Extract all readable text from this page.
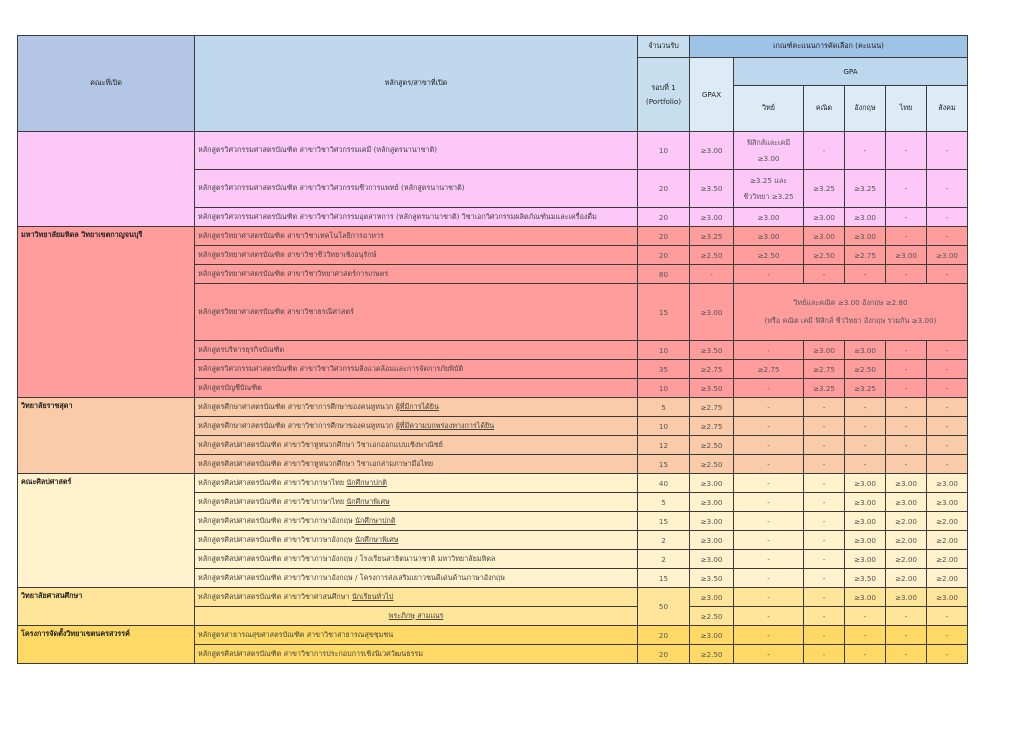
คณะที่เปิด	หลักสูตร/สาขาที่เปิด	จำนวนรับ	เกณฑ์คะแนนการคัดเลือก (คะแนน)					
		รอบที่ 1
(Portfolio)	GPAX	GPA				
				วิทย์	คณิต	อังกฤษ	ไทย	สังคม
	หลักสูตรวิศวกรรมศาสตรบัณฑิต สาขาวิชาวิศวกรรมเคมี (หลักสูตรนานาชาติ)	10	≥3.00	ฟิสิกส์และเคมี ≥3.00	-	-	-	-
	หลักสูตรวิศวกรรมศาสตรบัณฑิต สาขาวิชาวิศวกรรมชีวการแพทย์ (หลักสูตรนานาชาติ)	20	≥3.50	≥3.25 และชีววิทยา ≥3.25	≥3.25	≥3.25	-	-
	หลักสูตรวิศวกรรมศาสตรบัณฑิต สาขาวิชาวิศวกรรมอุตสาหการ (หลักสูตรนานาชาติ) วิชาเอกวิศวกรรมผลิตภัณฑ์นมและเครื่องดื่ม	20	≥3.00	≥3.00	≥3.00	≥3.00	-	-
มหาวิทยาลัยมหิดล วิทยาเขตกาญจนบุรี	หลักสูตรวิทยาศาสตรบัณฑิต สาขาวิชาเทคโนโลยีการอาหาร	20	≥3.25	≥3.00	≥3.00	≥3.00	-	-
	หลักสูตรวิทยาศาสตรบัณฑิต สาขาวิชาชีววิทยาเชิงอนุรักษ์	20	≥2.50	≥2.50	≥2.50	≥2.75	≥3.00	≥3.00
	หลักสูตรวิทยาศาสตรบัณฑิต สาขาวิชาวิทยาศาสตร์การเกษตร	80	-	-	-	-	-	-
	หลักสูตรวิทยาศาสตรบัณฑิต สาขาวิชาธรณีศาสตร์	15	≥3.00	วิทย์และคณิต ≥3.00 อังกฤษ ≥2.80
(หรือ คณิต เคมี ฟิสิกส์ ชีววิทยา อังกฤษ รวมกัน ≥3.00)				

	หลักสูตรบริหารธุรกิจบัณฑิต	10	≥3.50	-	≥3.00	≥3.00	-	-
	หลักสูตรวิศวกรรมศาสตรบัณฑิต สาขาวิชาวิศวกรรมสิ่งแวดล้อมและการจัดการภัยพิบัติ	35	≥2.75	≥2.75	≥2.75	≥2.50	-	-
	หลักสูตรบัญชีบัณฑิต	10	≥3.50	-	≥3.25	≥3.25	-	-
วิทยาลัยราชสุดา	หลักสูตรศึกษาศาสตรบัณฑิต สาขาวิชาการศึกษาของคนหูหนวก ผู้ที่มีการได้ยิน	5	≥2.75	-	-	-	-	-
	หลักสูตรศึกษาศาสตรบัณฑิต สาขาวิชาการศึกษาของคนหูหนวก ผู้ที่มีความบกพร่องทางการได้ยิน	10	≥2.75	-	-	-	-	-
	หลักสูตรศิลปศาสตรบัณฑิต สาขาวิชาหูหนวกศึกษา วิชาเอกออกแบบเชิงพาณิชย์	12	≥2.50	-	-	-	-	-
	หลักสูตรศิลปศาสตรบัณฑิต สาขาวิชาหูหนวกศึกษา วิชาเอกล่ามภาษามือไทย	15	≥2.50	-	-	-	-	-
คณะศิลปศาสตร์	หลักสูตรศิลปศาสตรบัณฑิต สาขาวิชาภาษาไทย นักศึกษาปกติ	40	≥3.00	-	-	≥3.00	≥3.00	≥3.00
	หลักสูตรศิลปศาสตรบัณฑิต สาขาวิชาภาษาไทย นักศึกษาพิเศษ	5	≥3.00	-	-	≥3.00	≥3.00	≥3.00
	หลักสูตรศิลปศาสตรบัณฑิต สาขาวิชาภาษาอังกฤษ นักศึกษาปกติ	15	≥3.00	-	-	≥3.00	≥2.00	≥2.00
	หลักสูตรศิลปศาสตรบัณฑิต สาขาวิชาภาษาอังกฤษ นักศึกษาพิเศษ	2	≥3.00	-	-	≥3.00	≥2.00	≥2.00
	หลักสูตรศิลปศาสตรบัณฑิต สาขาวิชาภาษาอังกฤษ / โรงเรียนสาธิตนานาชาติ มหาวิทยาลัยมหิดล	2	≥3.00	-	-	≥3.00	≥2.00	≥2.00
	หลักสูตรศิลปศาสตรบัณฑิต สาขาวิชาภาษาอังกฤษ / โครงการส่งเสริมเยาวชนดีเด่นด้านภาษาอังกฤษ	15	≥3.50	-	-	≥3.50	≥2.00	≥2.00
วิทยาลัยศาสนศึกษา	หลักสูตรศิลปศาสตรบัณฑิต สาขาวิชาศาสนศึกษา นักเรียนทั่วไป	50	≥3.00	-	-	≥3.00	≥3.00	≥3.00
	พระภิกษุ สามเณร		≥2.50	-	-	-	-	-
โครงการจัดตั้งวิทยาเขตนครสวรรค์	หลักสูตรสาธารณสุขศาสตรบัณฑิต สาขาวิชาสาธารณสุขชุมชน	20	≥3.00	-	-	-	-	-
	หลักสูตรศิลปศาสตรบัณฑิต สาขาวิชาการประกอบการเชิงนิเวศวัฒนธรรม	20	≥2.50	-	-	-	-	-
